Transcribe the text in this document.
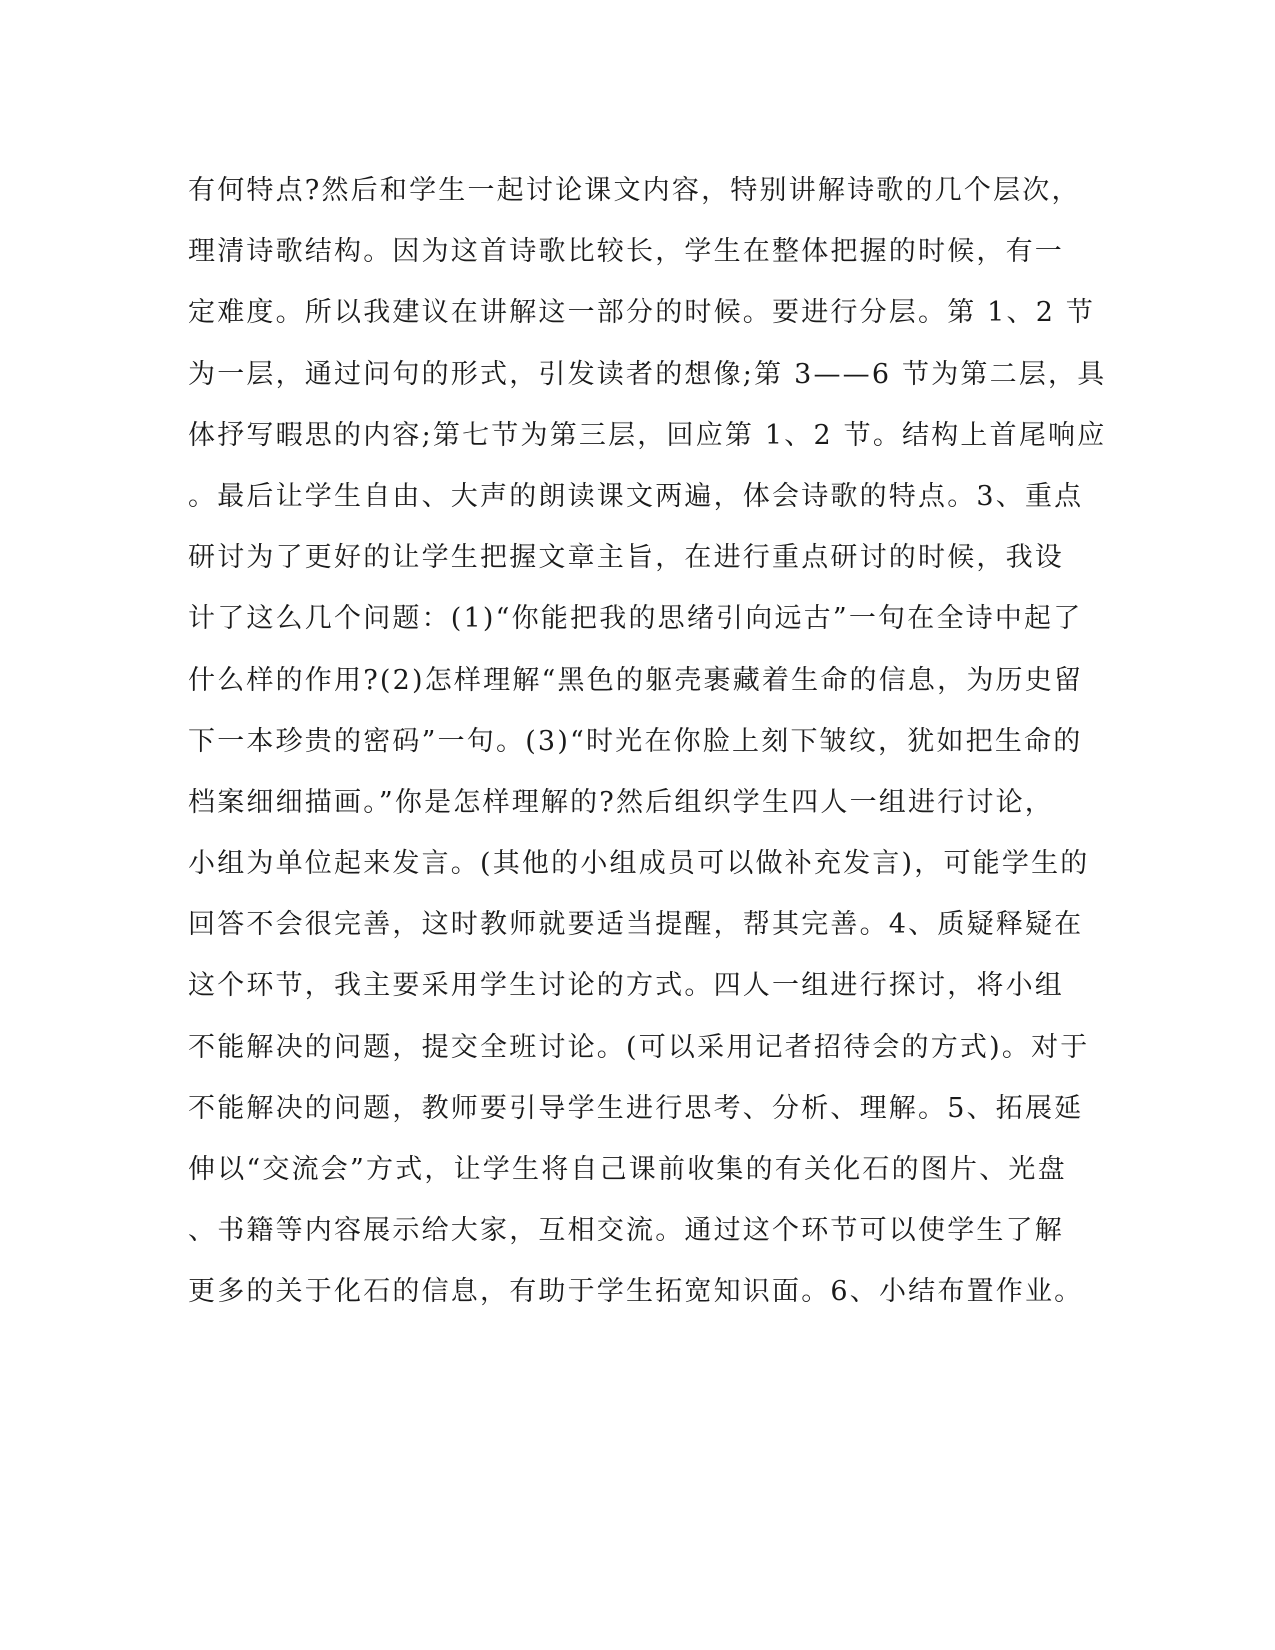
有何特点?然后和学生一起讨论课文内容，特别讲解诗歌的几个层次，
理清诗歌结构。因为这首诗歌比较长，学生在整体把握的时候，有一
定难度。所以我建议在讲解这一部分的时候。要进行分层。第 1、2 节
为一层，通过问句的形式，引发读者的想像;第 3——6 节为第二层，具
体抒写暇思的内容;第七节为第三层，回应第 1、2 节。结构上首尾响应
。最后让学生自由、大声的朗读课文两遍，体会诗歌的特点。3、重点
研讨为了更好的让学生把握文章主旨，在进行重点研讨的时候，我设
计了这么几个问题：(1)“你能把我的思绪引向远古”一句在全诗中起了
什么样的作用?(2)怎样理解“黑色的躯壳裹藏着生命的信息，为历史留
下一本珍贵的密码”一句。(3)“时光在你脸上刻下皱纹，犹如把生命的
档案细细描画。”你是怎样理解的?然后组织学生四人一组进行讨论，
小组为单位起来发言。(其他的小组成员可以做补充发言)，可能学生的
回答不会很完善，这时教师就要适当提醒，帮其完善。4、质疑释疑在
这个环节，我主要采用学生讨论的方式。四人一组进行探讨，将小组
不能解决的问题，提交全班讨论。(可以采用记者招待会的方式)。对于
不能解决的问题，教师要引导学生进行思考、分析、理解。5、拓展延
伸以“交流会”方式，让学生将自己课前收集的有关化石的图片、光盘
、书籍等内容展示给大家，互相交流。通过这个环节可以使学生了解
更多的关于化石的信息，有助于学生拓宽知识面。6、小结布置作业。
